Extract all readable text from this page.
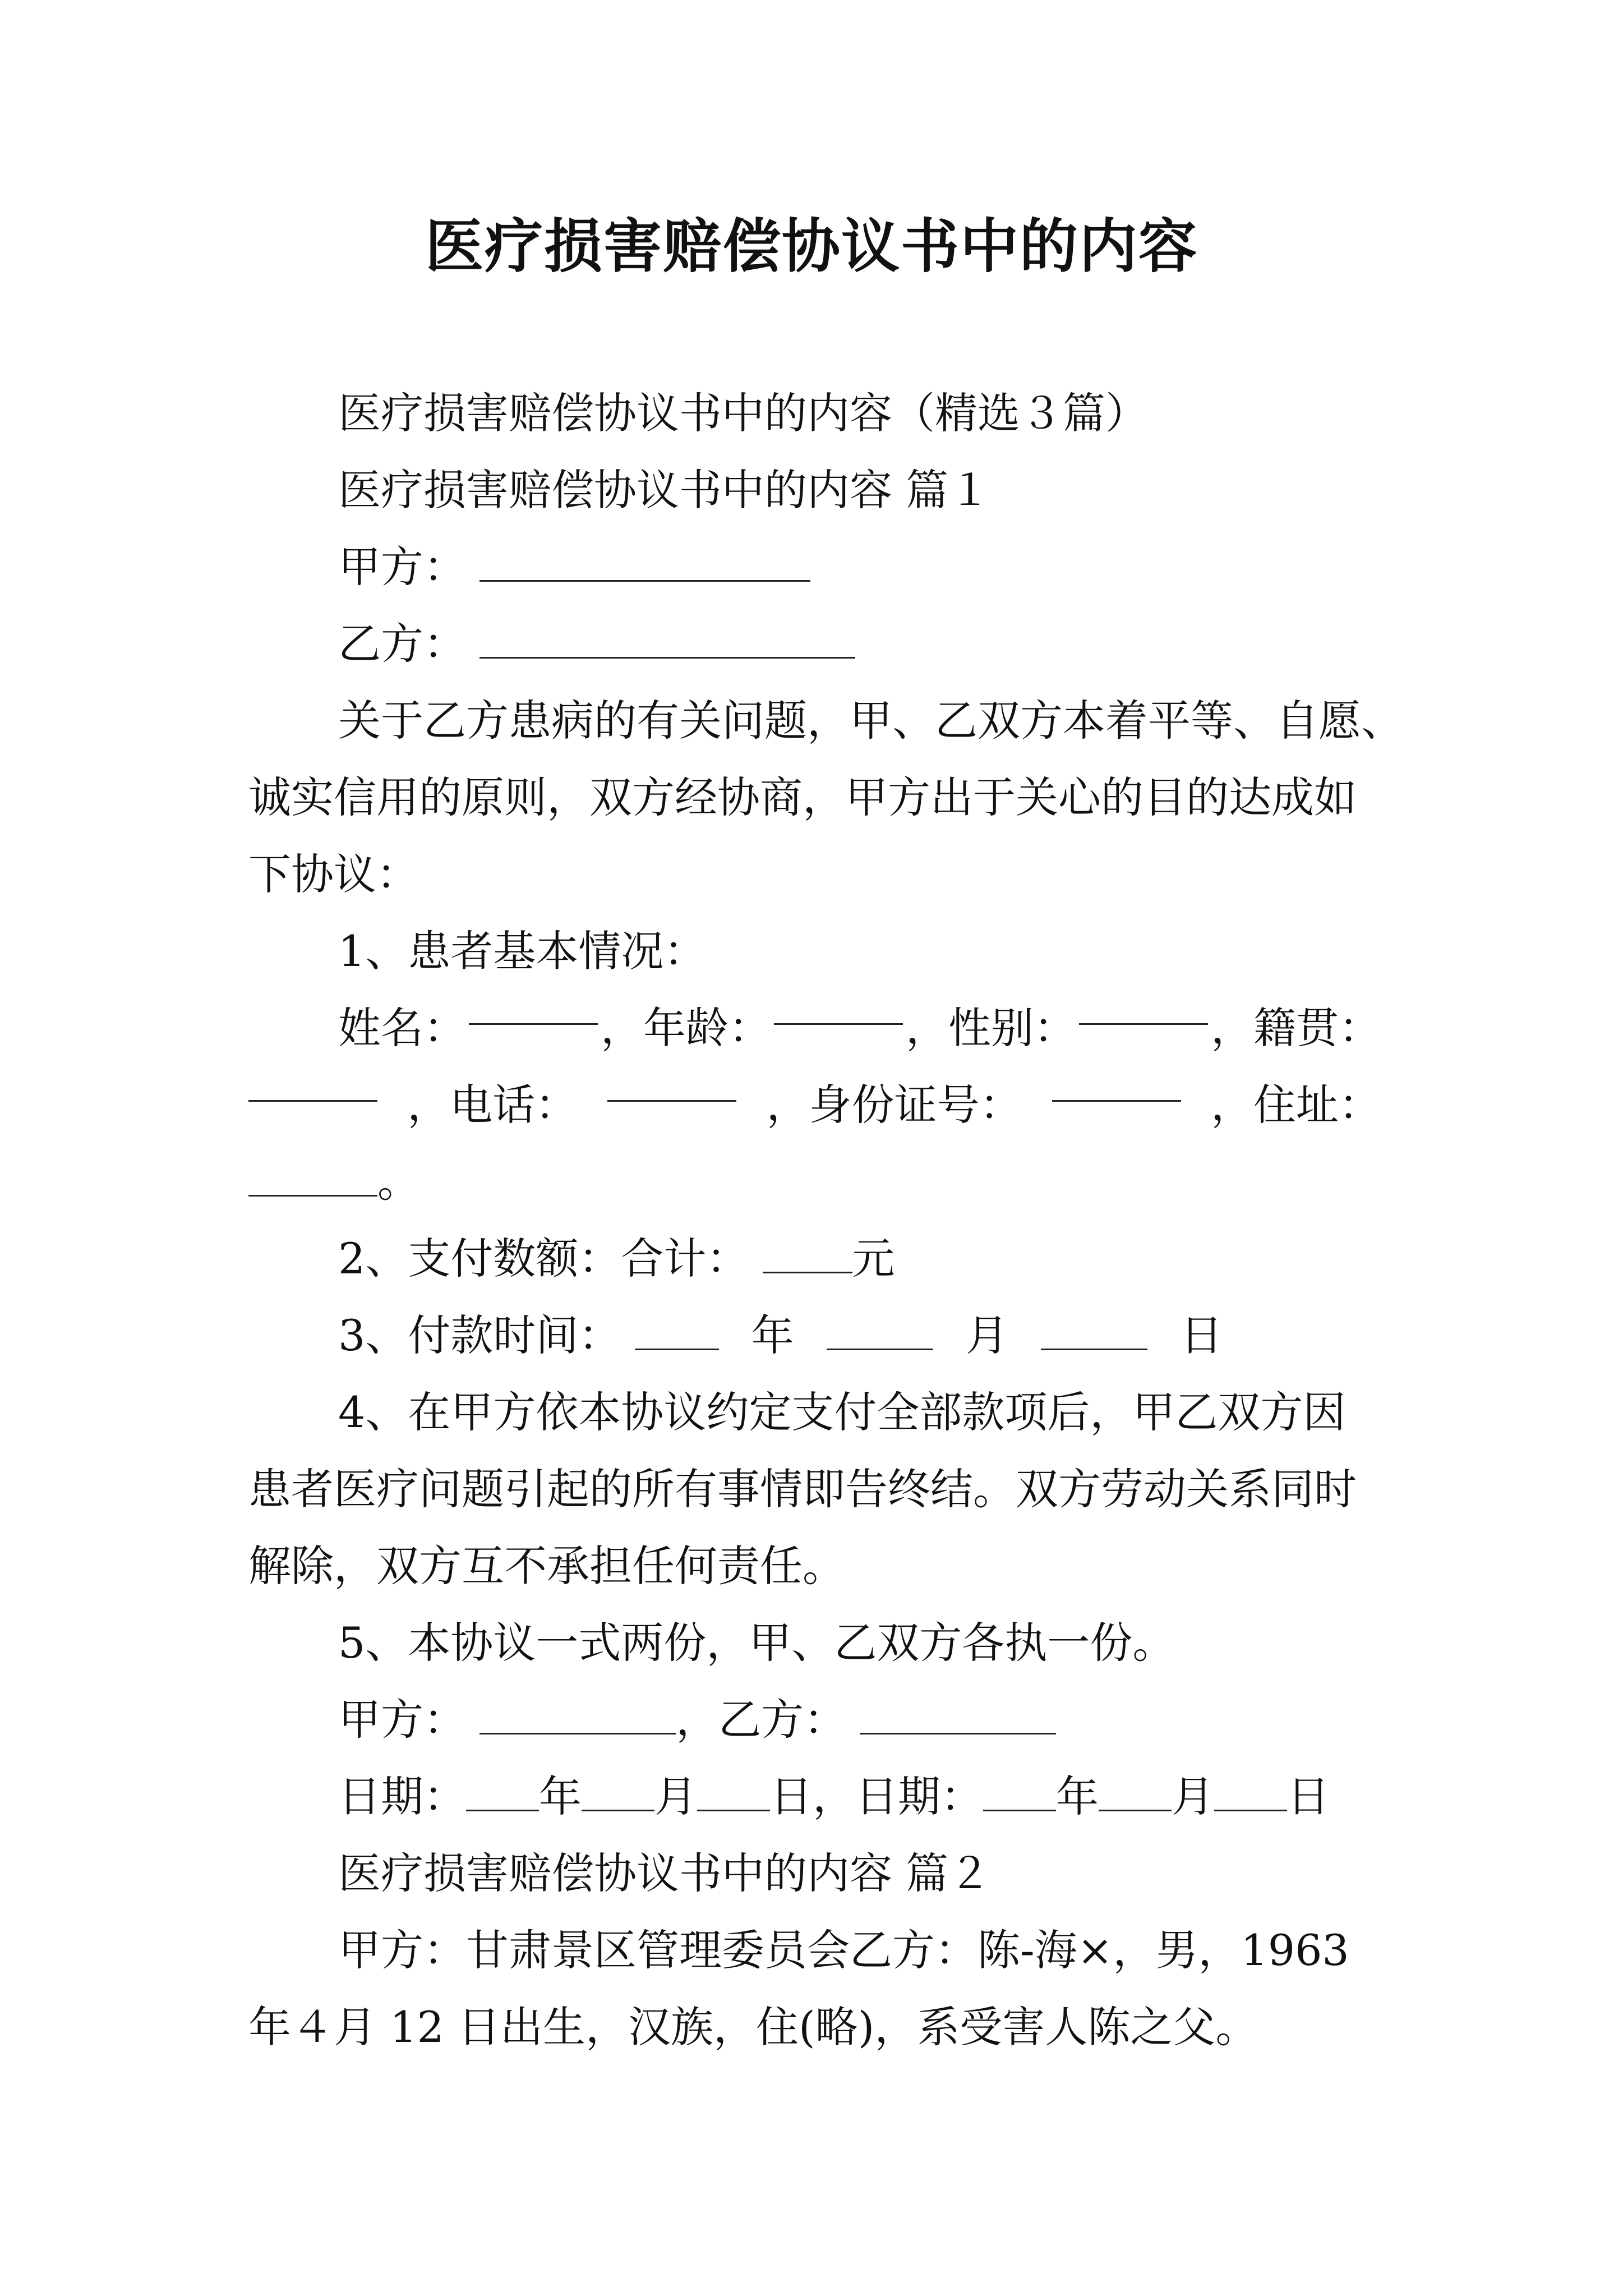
医疗损害赔偿协议书中的内容
医疗损害赔偿协议书中的内容（精选３篇）
医疗损害赔偿协议书中的内容 篇１
甲方：
乙方：
关于乙方患病的有关问题，甲、乙双方本着平等、自愿、
诚实信用的原则，双方经协商，甲方出于关心的目的达成如
下协议：
1、患者基本情况：
姓名：	，年龄：	，性别：	，籍贯：
，电话：	，身份证号：	，住址：
。
2、支付数额：合计： 元
3、付款时间：	年	月	日
4、在甲方依本协议约定支付全部款项后，甲乙双方因
患者医疗问题引起的所有事情即告终结。双方劳动关系同时
解除，双方互不承担任何责任。
5、本协议一式两份，甲、乙双方各执一份。
甲方：	，乙方：
日期： 年 月 日，日期： 年 月 日
医疗损害赔偿协议书中的内容 篇２
甲方：甘肃景区管理委员会乙方：陈-海×，男，1963
年４月 12 日出生，汉族，住(略)，系受害人陈之父。
